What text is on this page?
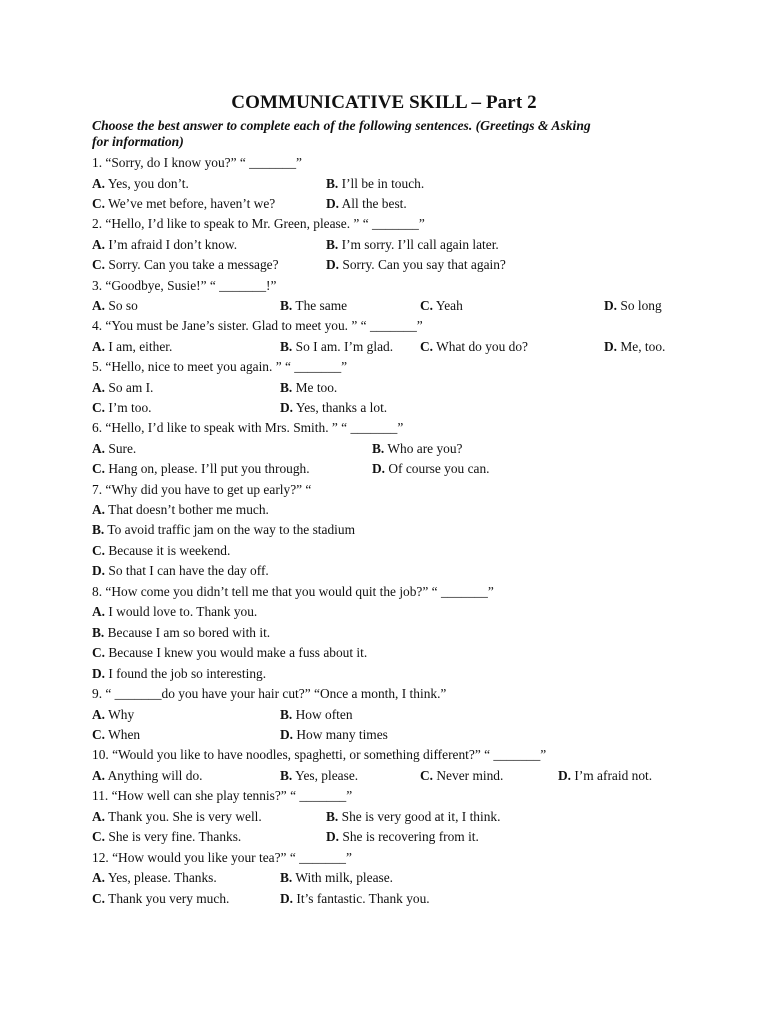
COMMUNICATIVE SKILL – Part 2
Choose the best answer to complete each of the following sentences. (Greetings & Asking
for information)
1. “Sorry, do I know you?” “ _______”
A. Yes, you don’t.	B. I’ll be in touch.
C. We’ve met before, haven’t we?	D. All the best.
2. “Hello, I’d like to speak to Mr. Green, please. ” “ _______”
A. I’m afraid I don’t know.	B. I’m sorry. I’ll call again later.
C. Sorry. Can you take a message?	D. Sorry. Can you say that again?
3. “Goodbye, Susie!” “ _______!”
A. So so	B. The same	C. Yeah	D. So long
4. “You must be Jane’s sister. Glad to meet you. ” “ _______”
A. I am, either.	B. So I am. I’m glad. C. What do you do?	D. Me, too.
5. “Hello, nice to meet you again. ” “ _______”
A. So am I.	B. Me too.
C. I’m too.	D. Yes, thanks a lot.
6. “Hello, I’d like to speak with Mrs. Smith. ” “ _______”
A. Sure.	B. Who are you?
C. Hang on, please. I’ll put you through.	D. Of course you can.
7. “Why did you have to get up early?” “
A. That doesn’t bother me much.
B. To avoid traffic jam on the way to the stadium
C. Because it is weekend.
D. So that I can have the day off.
8. “How come you didn’t tell me that you would quit the job?” “ _______”
A. I would love to. Thank you.
B. Because I am so bored with it.
C. Because I knew you would make a fuss about it.
D. I found the job so interesting.
9. “ _______do you have your hair cut?” “Once a month, I think.”
A. Why	B. How often
C. When	D. How many times
10. “Would you like to have noodles, spaghetti, or something different?” “ _______”
A. Anything will do.	B. Yes, please.	C. Never mind.	D. I’m afraid not.
11. “How well can she play tennis?” “ _______”
A. Thank you. She is very well.	B. She is very good at it, I think.
C. She is very fine. Thanks.	D. She is recovering from it.
12. “How would you like your tea?” “ _______”
A. Yes, please. Thanks.	B. With milk, please.
C. Thank you very much.	D. It’s fantastic. Thank you.
